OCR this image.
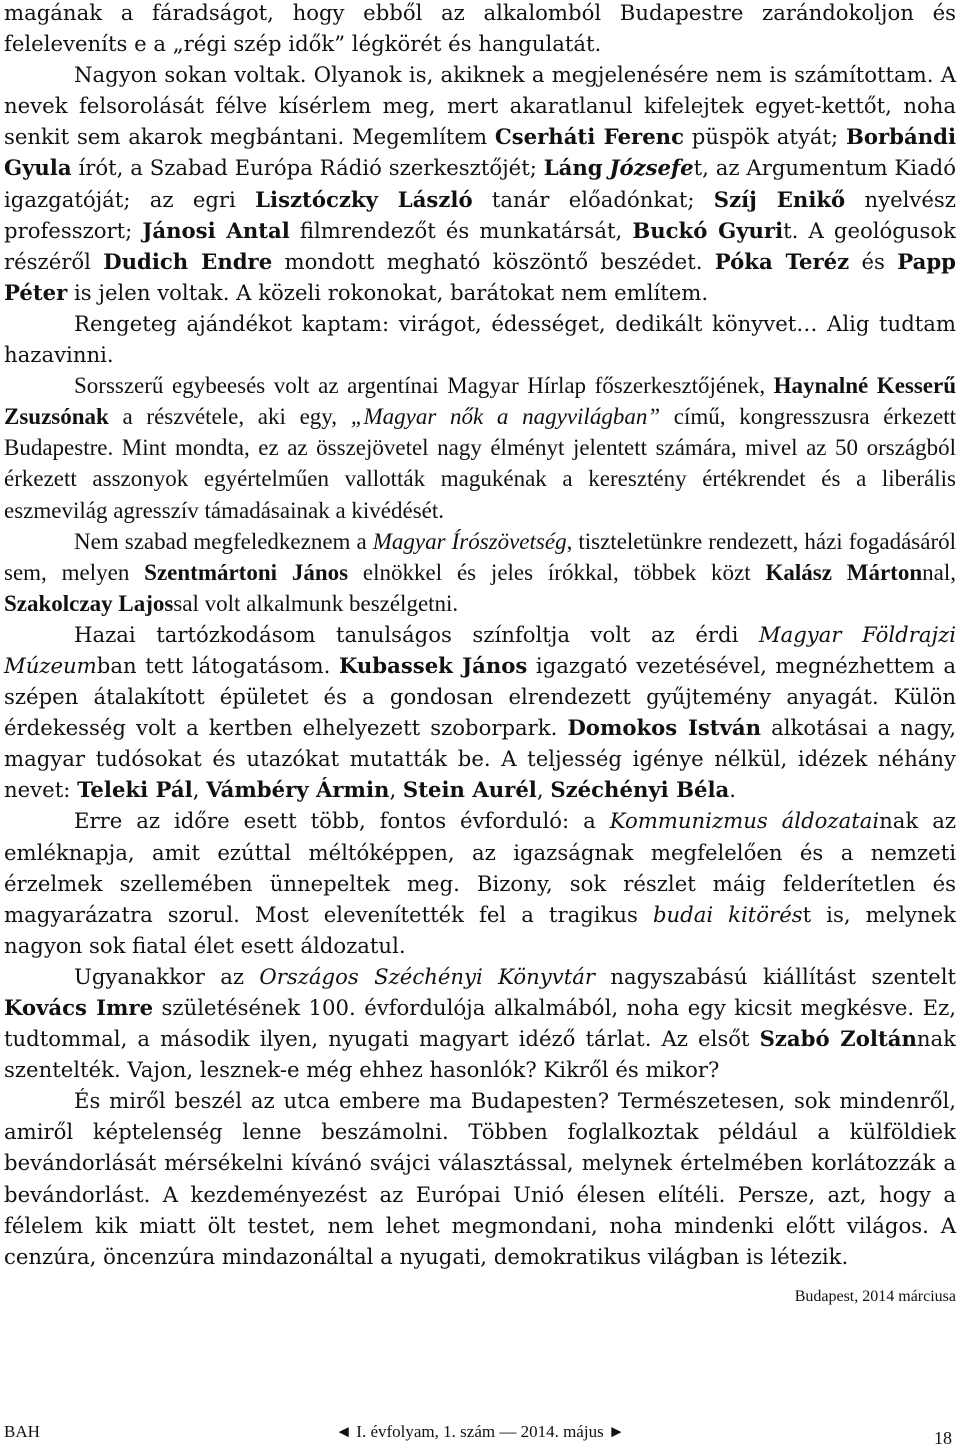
magának a fáradságot, hogy ebből az alkalomból Budapestre zarándokoljon és feleleveníts e a „régi szép idők” légkörét és hangulatát.

Nagyon sokan voltak. Olyanok is, akiknek a megjelenésére nem is számítottam. A nevek felsorolását félve kísérlem meg, mert akaratlanul kifelejtek egyet-kettőt, noha senkit sem akarok megbántani. Megemlítem Cserháti Ferenc püspök atyát; Borbándi Gyula írót, a Szabad Európa Rádió szerkesztőjét; Láng Józsefet, az Argumentum Kiadó igazgatóját; az egri Lisztóczky László tanár előadónkat; Szíj Enikő nyelvész professzort; Jánosi Antal filmrendezőt és munkatársát, Buckó Gyurit. A geológusok részéről Dudich Endre mondott megható köszöntő beszédet. Póka Teréz és Papp Péter is jelen voltak. A közeli rokonokat, barátokat nem említem.

Rengeteg ajándékot kaptam: virágot, édességet, dedikált könyvet… Alig tudtam hazavinni.

Sorsszerű egybeesés volt az argentínai Magyar Hírlap főszerkesztőjének, Haynalné Kesserű Zsuzsónak a részvétele, aki egy, „Magyar nők a nagyvilágban” című, kongresszusra érkezett Budapestre. Mint mondta, ez az összejövetel nagy élményt jelentett számára, mivel az 50 országból érkezett asszonyok egyértelműen vallották magukénak a keresztény értékrendet és a liberális eszmevilág agresszív támadásainak a kivédését.

Nem szabad megfeledkeznem a Magyar Írószövetség, tiszteletünkre rendezett, házi fogadásáról sem, melyen Szentmártoni János elnökkel és jeles írókkal, többek közt Kalász Mártonnal, Szakolczay Lajossal volt alkalmunk beszélgetni.

Hazai tartózkodásom tanulságos színfoltja volt az érdi Magyar Földrajzi Múzeumban tett látogatásom. Kubassek János igazgató vezetésével, megnézhettem a szépen átalakított épületet és a gondosan elrendezett gyűjtemény anyagát. Külön érdekesség volt a kertben elhelyezett szoborpark. Domokos István alkotásai a nagy, magyar tudósokat és utazókat mutatták be. A teljesség igénye nélkül, idézek néhány nevet: Teleki Pál, Vámbéry Ármin, Stein Aurél, Széchényi Béla.

Erre az időre esett több, fontos évforduló: a Kommunizmus áldozatainak az emléknapja, amit ezúttal méltóképpen, az igazságnak megfelelően és a nemzeti érzelmek szellemében ünnepeltek meg. Bizony, sok részlet máig felderítetlen és magyarázatra szorul. Most elevenítették fel a tragikus budai kitörést is, melynek nagyon sok fiatal élet esett áldozatul.

Ugyanakkor az Országos Széchényi Könyvtár nagyszabású kiállítást szentelt Kovács Imre születésének 100. évfordulója alkalmából, noha egy kicsit megkésve. Ez, tudtommal, a második ilyen, nyugati magyart idéző tárlat. Az elsőt Szabó Zoltánnak szentelték. Vajon, lesznek-e még ehhez hasonlók? Kikről és mikor?

És miről beszél az utca embere ma Budapesten? Természetesen, sok mindenről, amiről képtelenség lenne beszámolni. Többen foglalkoztak például a külföldiek bevándorlását mérsékelni kívánó svájci választással, melynek értelmében korlátozzák a bevándorlást. A kezdeményezést az Európai Unió élesen elítéli. Persze, azt, hogy a félelem kik miatt ölt testet, nem lehet megmondani, noha mindenki előtt világos. A cenzúra, öncenzúra mindazonáltal a nyugati, demokratikus világban is létezik.
Budapest, 2014 márciusa

BAH	◄ I. évfolyam, 1. szám — 2014. május ►	18
